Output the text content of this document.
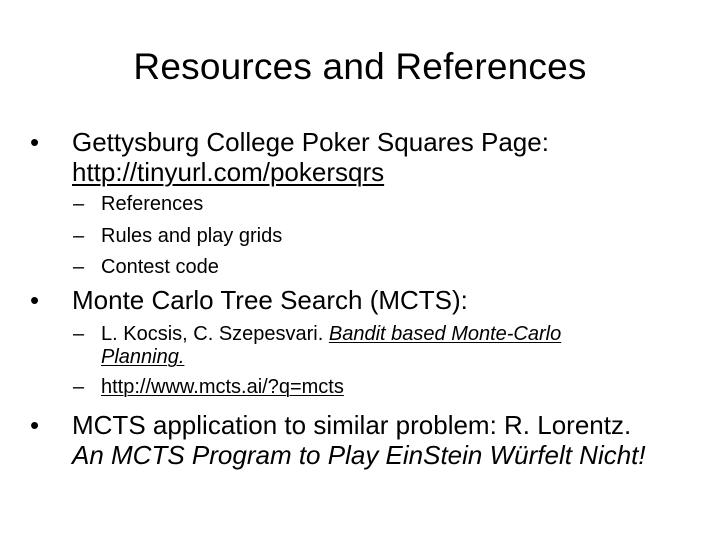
Resources and References
• Gettysburg College Poker Squares Page:
http://tinyurl.com/pokersqrs
– References
– Rules and play grids
– Contest code
• Monte Carlo Tree Search (MCTS):
– L. Kocsis, C. Szepesvari. Bandit based Monte-Carlo
Planning.
– http://www.mcts.ai/?q=mcts
• MCTS application to similar problem: R. Lorentz.
An MCTS Program to Play EinStein Würfelt Nicht!
